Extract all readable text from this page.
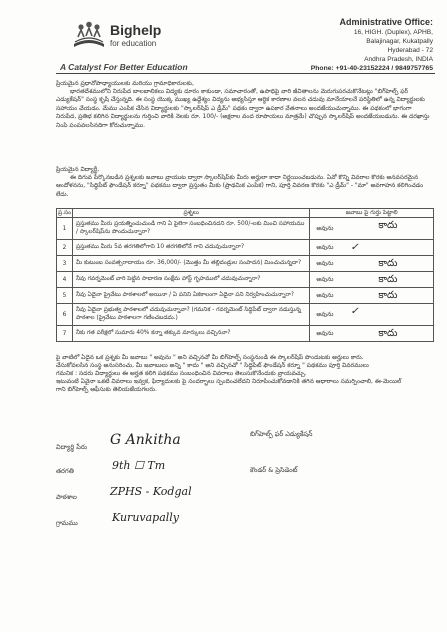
Bighelp
for education
A Catalyst For Better Education
Administrative Office:
16, HIGH. (Duplex), APHB,
Balajinagar, Kukatpally
Hyderabad - 72
Andhra Pradesh, INDIA
Phone: +91-40-23152224 / 9849757765
ప్రియమైన ప్రధానోపాధ్యాయులకు మరియు గ్రామాధికారులకు,
భారతదేశములోని నిరుపేద బాలబాలికలు విద్యకు దూరం కాకుండా, సమాచారంతో, ఉపాధిపై వారి జీవితాలను మెరుగుపరచుకొనేటట్లు "బిగ్‌హెల్ప్ ఫర్ ఎడ్యుకేషన్" సంస్థ కృషి చేస్తున్నది. ఈ సంస్థ యొక్క ముఖ్య ఉద్దేశ్యం విద్యను అభ్యసిస్తూ ఆర్ధిక కారణాల వలన చదువు మానేయాలనే పరిస్థితిలో ఉన్న విద్యార్థులకు సహాయం చేయడం. మేము ఎంపిక చేసిన విద్యార్థులకు "స్కాలర్‌షిప్ ఎ డ్రీమ్" పథకం ద్వారా ఉపకార వేతనాలు అందజేయుచున్నాము. ఈ పథకంలో భాగంగా నిరుపేద, ప్రతిభ కలిగిన విద్యార్థులను గుర్తించి వారికి నెలకు రూ. 100/- (అక్షరాల వంద రూపాయలు మాత్రమే) చొప్పున స్కాలర్‌షిప్ అందజేయబడును. ఈ దరఖాస్తు నింపి పంపవలసినదిగా కోరుచున్నాము.
ప్రియమైన విద్యార్థీ,
ఈ దిగువ పేర్కొనబడిన ప్రశ్నలకు జవాబు వ్రాయుట ద్వారా స్కాలర్‌షిప్‌కు మీరు అర్హులా కాదా నిర్ణయించబడును. ఏవో కొన్ని వివరాల కొరకు అనవసరమైన ఆందోళనను, "సిద్ధిపేట్ ఫౌండేషన్ కర్నూ" పథకము ద్వారా ప్రస్తుతం మీకు (ప్రాథమిక ఎంపిక) గాని, పూర్తి వివరణ కొరకు "ఎ డ్రీమ్" - "మా" అవగాహన కలిగించడం లేదు.
ప్ర.సం	ప్రశ్నలు	జవాబు పై గుర్తు పెట్టాలి
1	ప్రస్తుతము మీరు ప్రయత్నించుచుండి గాని ఏ పైలెగా సంబధించినదని రూ. 500/-లకు మించి సహాయము / స్కాలర్‌షిప్‌ను పొందుచున్నారా?	అవును కాదు

2	ప్రస్తుతము మీరు 5వ తరగతిలోగాని 10 తరగతిలోనే గాని చదువుచున్నారా?	అవును ✓

3	మీ కుటుంబ సంవత్సరాదాయం రూ. 36,000/- (మొత్తం మీ తల్లిదండ్రుల సంపాదన) మించుచున్నదా?	అవును కాదు

4	నీవు గవర్నమెంట్ వారి పెట్టిన సాదారణ సంక్షేమ హాస్ట్ గృహములో చదువుచున్నారా?	అవును కాదు

5	నీవు ఏదైనా ప్రైవేటు పాఠశాలలో అయినా / ఏ పనిని ఏకకాలంగా ఏదైనా పని నిర్వహించుచున్నారా?	అవును కాదు

6	నీవు ఏదైనా ప్రభుత్వ పాఠశాలలో చదువుచున్నావా? (గమనిక - గవర్నమెంట్ సిద్ధిపేట్ ద్వారా నడుస్తున్న పాఠశాల (ప్రైవేటు పాఠశాలగా గణించబడదు.)	అవును ✓

7	నీకు గత పరీక్షలో సుమారు 40% కన్నా తక్కువ మార్కులు వచ్చినవా?	అవును కాదు
పై వాటిలో ఏదైన ఒక ప్రశ్నకు మీ జవాబు " అవును " అని వచ్చినచో మీ బిగ్‌హెల్ప్ సంస్థనుండి ఈ స్కాలర్‌షిప్ పొందుటకు అర్హులు కారు.
చేసుకోవలసిన సంస్థ అనుసరించు, మీ జవాబులు అన్ని " కాదు " అని వచ్చినచో " సిద్ధిపేట్ ఫౌండేషన్ కర్నూ " పథకము పూర్తి వివరములు
గమనిక : సదరు విద్యార్థులు ఈ అర్హత కలిగి పథకము సంబంధించిన వివరాలు తెలుసుకొనేందుకు వ్రాయవచ్చు.
ఇటువంటి ఏవైనా ఒకటి వివరాలు ఇవ్వక, ఫిర్యాదులకు పై సందర్భాలు స్పందించలేదని నిరూపించుకోవడానికి తగిన ఆధారాలు సమర్పించాలి, ఈ-మెయిల్
గాని బిగ్‌హెల్ప్ ఆఫీసుకు తెలియజేయగలరు.
విద్యార్థి పేరు G Ankitha
తరగతి	9th ☐ Tm
పాఠశాల	ZPHS - Kodgal
గ్రామము	Kuruvapally
బిగ్‌హెల్ప్ ఫర్ ఎడ్యుకేషన్
కౌండర్ & ప్రెసిడెంట్
